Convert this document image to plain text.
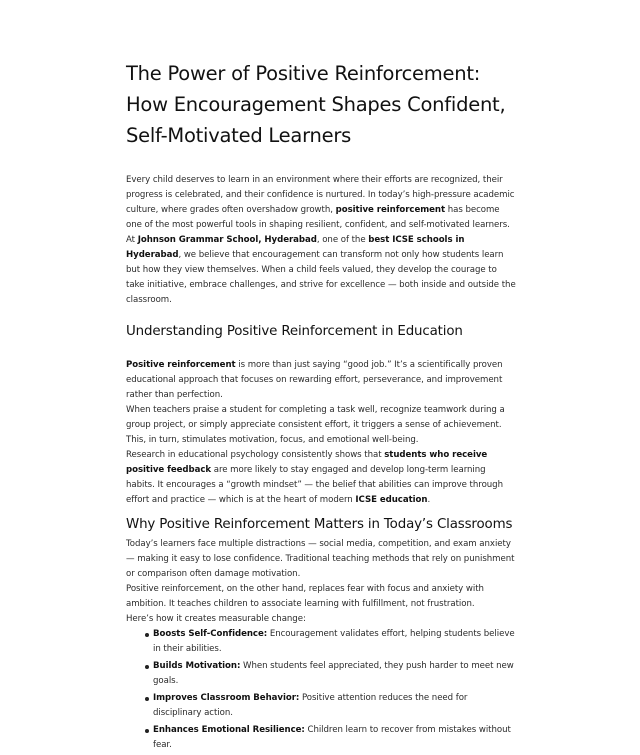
The Power of Positive Reinforcement: How Encouragement Shapes Confident, Self-Motivated Learners

Every child deserves to learn in an environment where their efforts are recognized, their progress is celebrated, and their confidence is nurtured. In today’s high-pressure academic culture, where grades often overshadow growth, positive reinforcement has become one of the most powerful tools in shaping resilient, confident, and self-motivated learners.

At Johnson Grammar School, Hyderabad, one of the best ICSE schools in Hyderabad, we believe that encouragement can transform not only how students learn but how they view themselves. When a child feels valued, they develop the courage to take initiative, embrace challenges, and strive for excellence — both inside and outside the classroom.

Understanding Positive Reinforcement in Education

Positive reinforcement is more than just saying “good job.” It’s a scientifically proven educational approach that focuses on rewarding effort, perseverance, and improvement rather than perfection.

When teachers praise a student for completing a task well, recognize teamwork during a group project, or simply appreciate consistent effort, it triggers a sense of achievement. This, in turn, stimulates motivation, focus, and emotional well-being.

Research in educational psychology consistently shows that students who receive positive feedback are more likely to stay engaged and develop long-term learning habits. It encourages a “growth mindset” — the belief that abilities can improve through effort and practice — which is at the heart of modern ICSE education.

Why Positive Reinforcement Matters in Today’s Classrooms

Today’s learners face multiple distractions — social media, competition, and exam anxiety — making it easy to lose confidence. Traditional teaching methods that rely on punishment or comparison often damage motivation.

Positive reinforcement, on the other hand, replaces fear with focus and anxiety with ambition. It teaches children to associate learning with fulfillment, not frustration.

Here’s how it creates measurable change:

Boosts Self-Confidence: Encouragement validates effort, helping students believe in their abilities.
Builds Motivation: When students feel appreciated, they push harder to meet new goals.
Improves Classroom Behavior: Positive attention reduces the need for disciplinary action.
Enhances Emotional Resilience: Children learn to recover from mistakes without fear.
